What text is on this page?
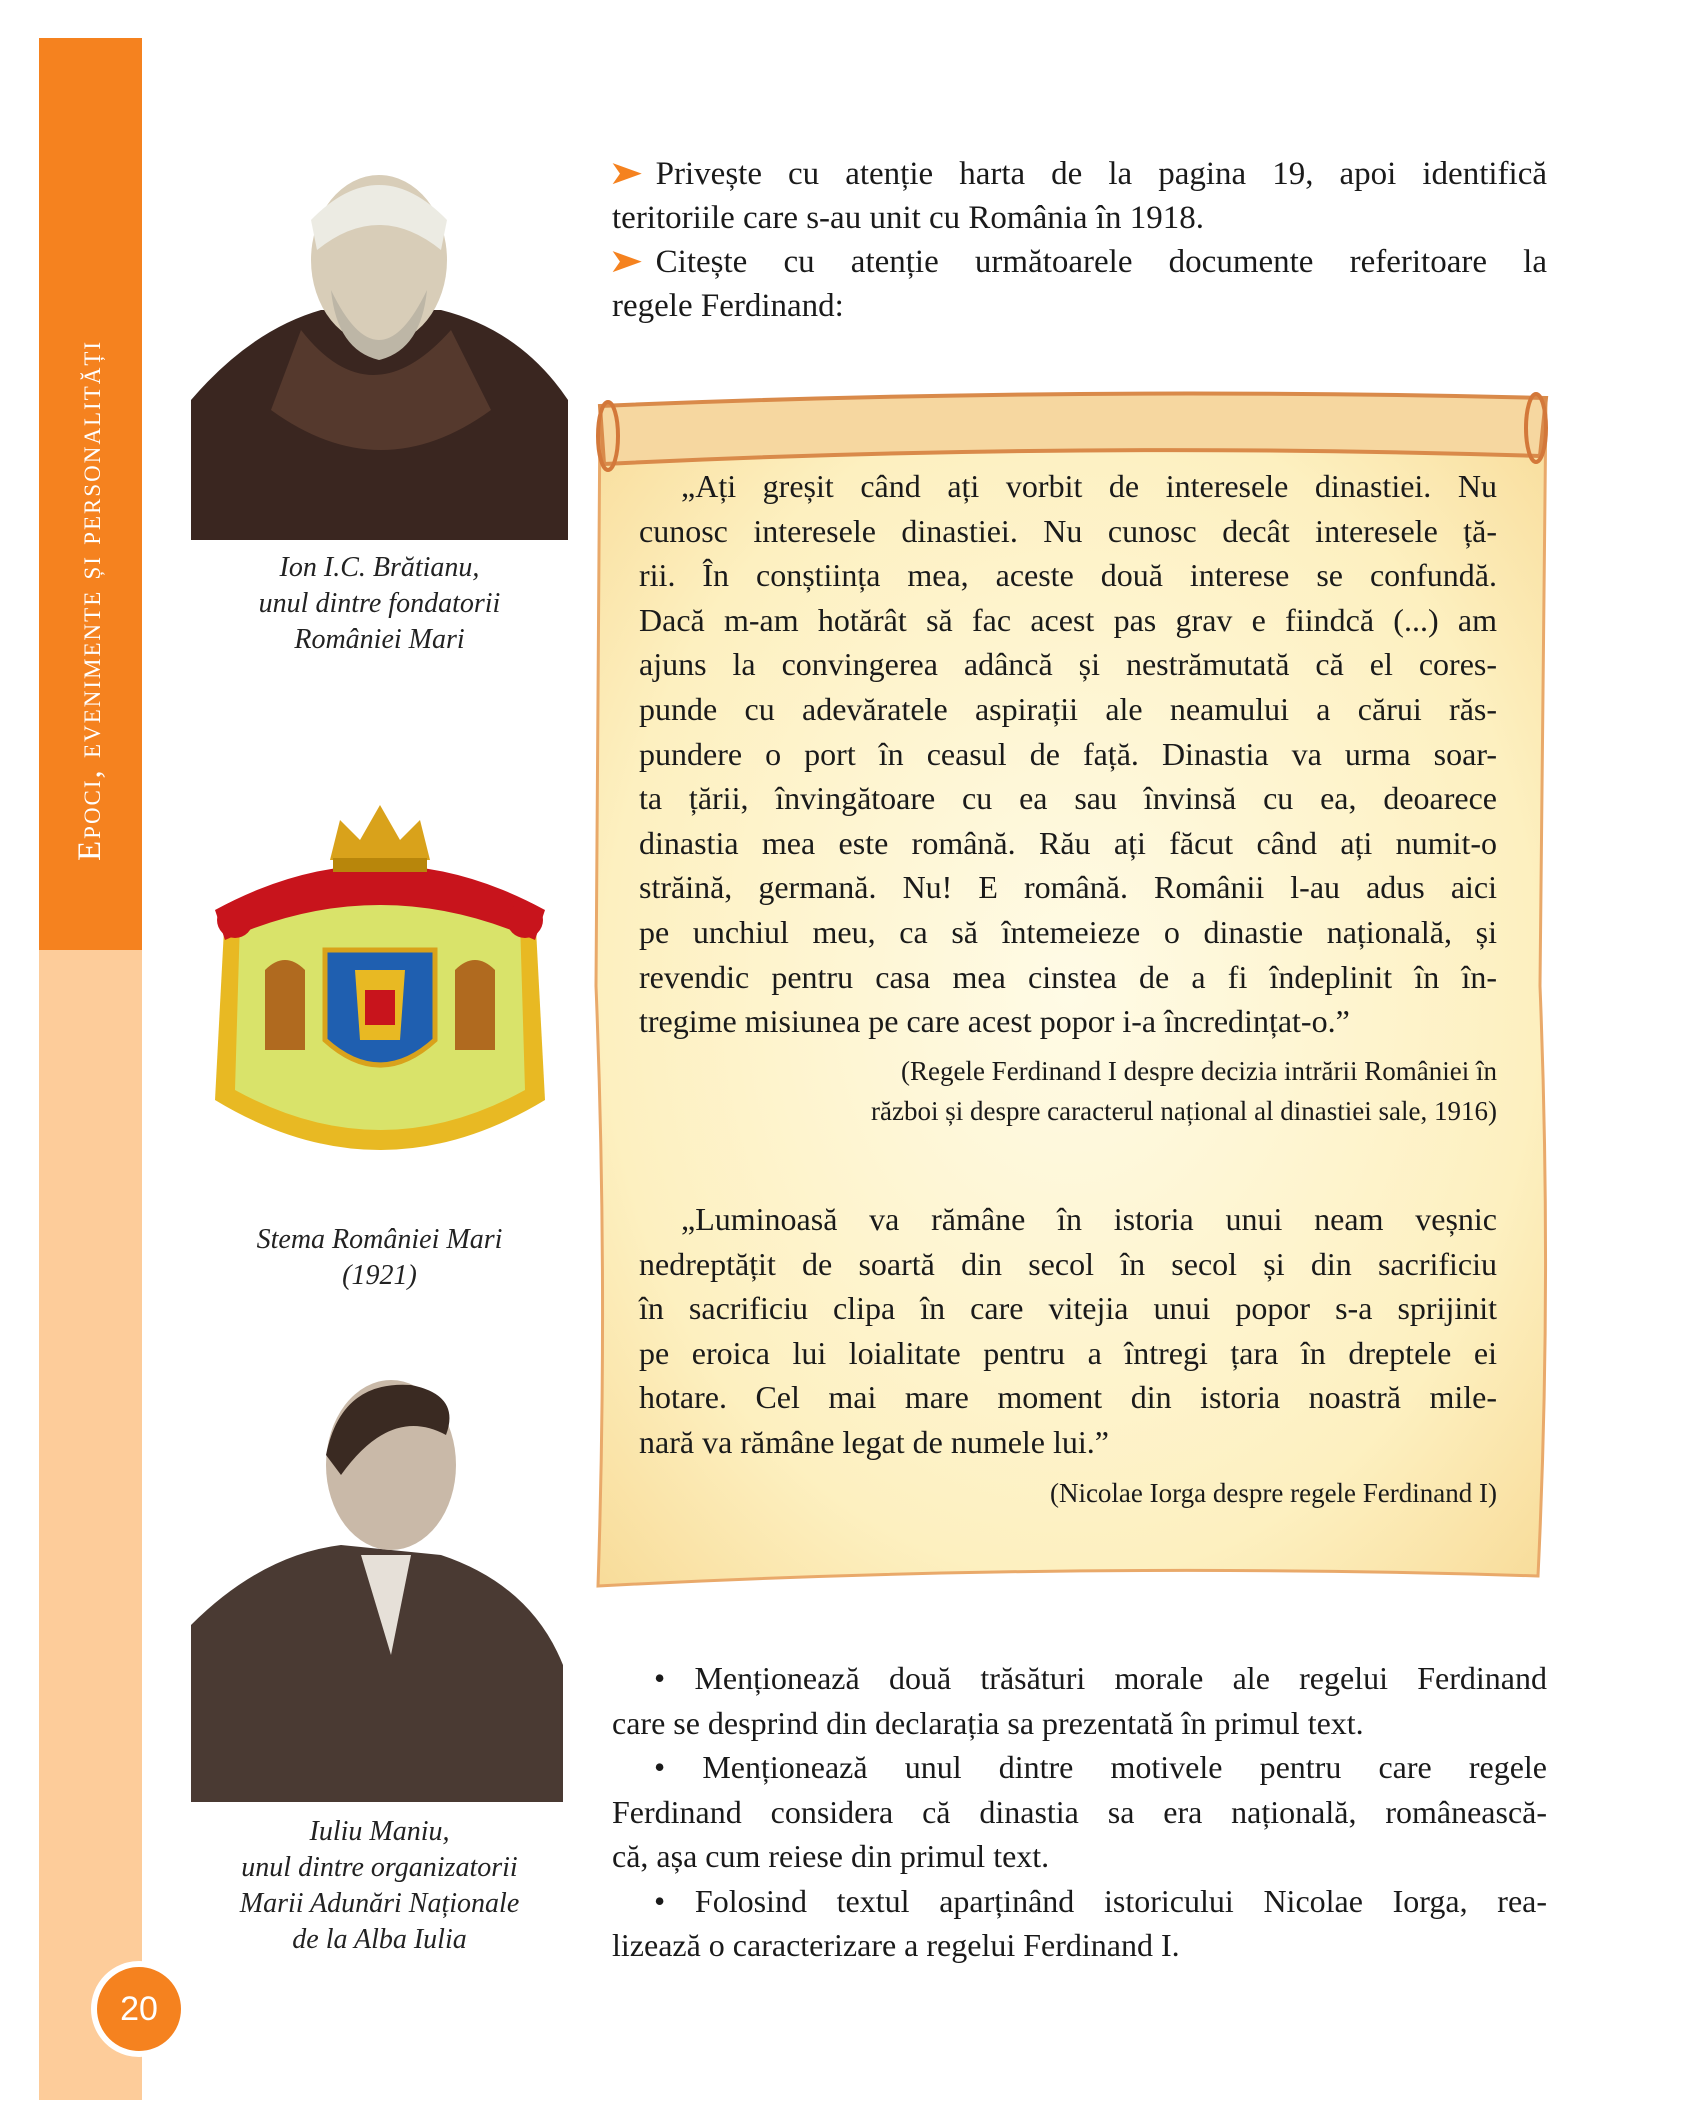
Epoci, evenimente și personalități
20
Ion I.C. Brătianu,
unul dintre fondatorii
României Mari
Stema României Mari
(1921)
Iuliu Maniu,
unul dintre organizatorii
Marii Adunări Naționale
de la Alba Iulia
➤ Privește cu atenție harta de la pagina 19, apoi identifică
teritoriile care s-au unit cu România în 1918.
➤ Citește cu atenție următoarele documente referitoare la
regele Ferdinand:
„Ați greșit când ați vorbit de interesele dinastiei. Nu
cunosc interesele dinastiei. Nu cunosc decât interesele ță-
rii. În conștiința mea, aceste două interese se confundă.
Dacă m-am hotărât să fac acest pas grav e fiindcă (...) am
ajuns la convingerea adâncă și nestrămutată că el cores-
punde cu adevăratele aspirații ale neamului a cărui răs-
pundere o port în ceasul de față. Dinastia va urma soar-
ta țării, învingătoare cu ea sau învinsă cu ea, deoarece
dinastia mea este română. Rău ați făcut când ați numit-o
străină, germană. Nu! E română. Românii l-au adus aici
pe unchiul meu, ca să întemeieze o dinastie națională, și
revendic pentru casa mea cinstea de a fi îndeplinit în în-
tregime misiunea pe care acest popor i-a încredințat-o.”
(Regele Ferdinand I despre decizia intrării României în
război și despre caracterul național al dinastiei sale, 1916)
„Luminoasă va rămâne în istoria unui neam veșnic
nedreptățit de soartă din secol în secol și din sacrificiu
în sacrificiu clipa în care vitejia unui popor s-a sprijinit
pe eroica lui loialitate pentru a întregi țara în dreptele ei
hotare. Cel mai mare moment din istoria noastră mile-
nară va rămâne legat de numele lui.”
(Nicolae Iorga despre regele Ferdinand I)
• Menționează două trăsături morale ale regelui Ferdinand
care se desprind din declarația sa prezentată în primul text.
• Menționează unul dintre motivele pentru care regele
Ferdinand considera că dinastia sa era națională, românească-
că, așa cum reiese din primul text.
• Folosind textul aparținând istoricului Nicolae Iorga, rea-
lizează o caracterizare a regelui Ferdinand I.
